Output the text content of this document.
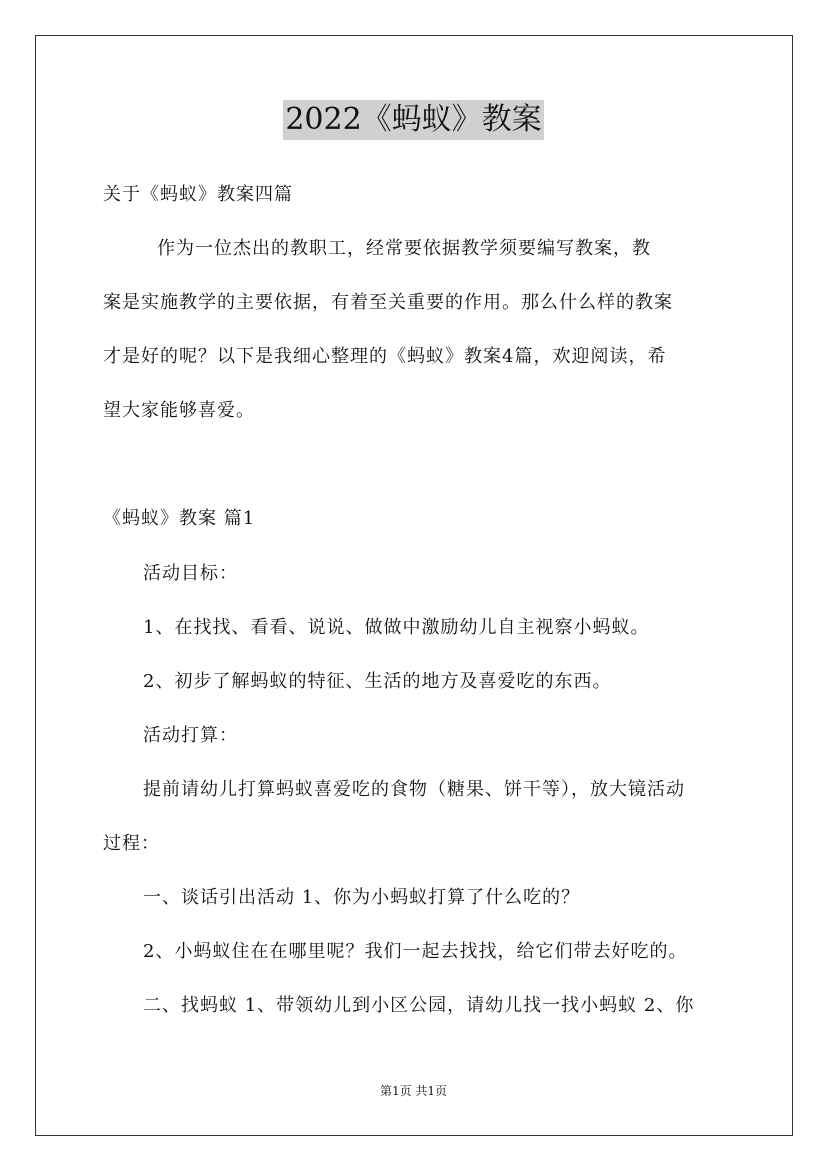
2022《蚂蚁》教案
关于《蚂蚁》教案四篇
作为一位杰出的教职工，经常要依据教学须要编写教案，教
案是实施教学的主要依据，有着至关重要的作用。那么什么样的教案
才是好的呢？以下是我细心整理的《蚂蚁》教案4篇，欢迎阅读，希
望大家能够喜爱。
《蚂蚁》教案 篇1
活动目标：
1、在找找、看看、说说、做做中激励幼儿自主视察小蚂蚁。
2、初步了解蚂蚁的特征、生活的地方及喜爱吃的东西。
活动打算：
提前请幼儿打算蚂蚁喜爱吃的食物（糖果、饼干等），放大镜活动
过程：
一、谈话引出活动 1、你为小蚂蚁打算了什么吃的？
2、小蚂蚁住在在哪里呢？我们一起去找找，给它们带去好吃的。
二、找蚂蚁 1、带领幼儿到小区公园，请幼儿找一找小蚂蚁 2、你
第1页 共1页
